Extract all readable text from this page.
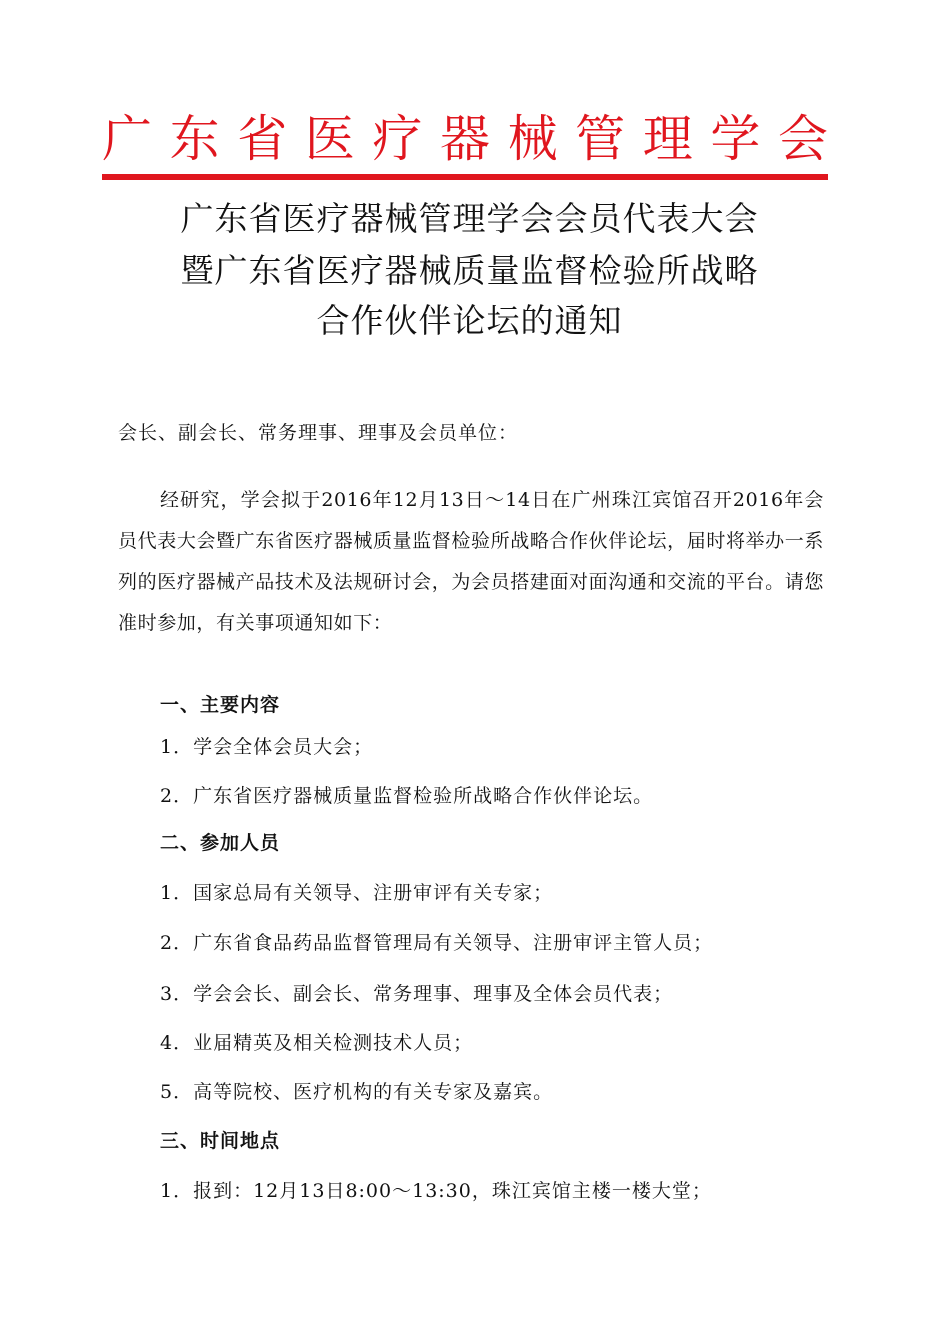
广 东 省 医 疗 器 械 管 理 学 会
广东省医疗器械管理学会会员代表大会
暨广东省医疗器械质量监督检验所战略
合作伙伴论坛的通知
会长、副会长、常务理事、理事及会员单位：

经研究，学会拟于2016年12月13日～14日在广州珠江宾馆召开2016年会员代表大会暨广东省医疗器械质量监督检验所战略合作伙伴论坛，届时将举办一系列的医疗器械产品技术及法规研讨会，为会员搭建面对面沟通和交流的平台。请您准时参加，有关事项通知如下：

一、主要内容
1．学会全体会员大会；
2．广东省医疗器械质量监督检验所战略合作伙伴论坛。
二、参加人员
1．国家总局有关领导、注册审评有关专家；
2．广东省食品药品监督管理局有关领导、注册审评主管人员；
3．学会会长、副会长、常务理事、理事及全体会员代表；
4．业届精英及相关检测技术人员；
5．高等院校、医疗机构的有关专家及嘉宾。
三、时间地点
1．报到：12月13日8:00～13:30，珠江宾馆主楼一楼大堂；
